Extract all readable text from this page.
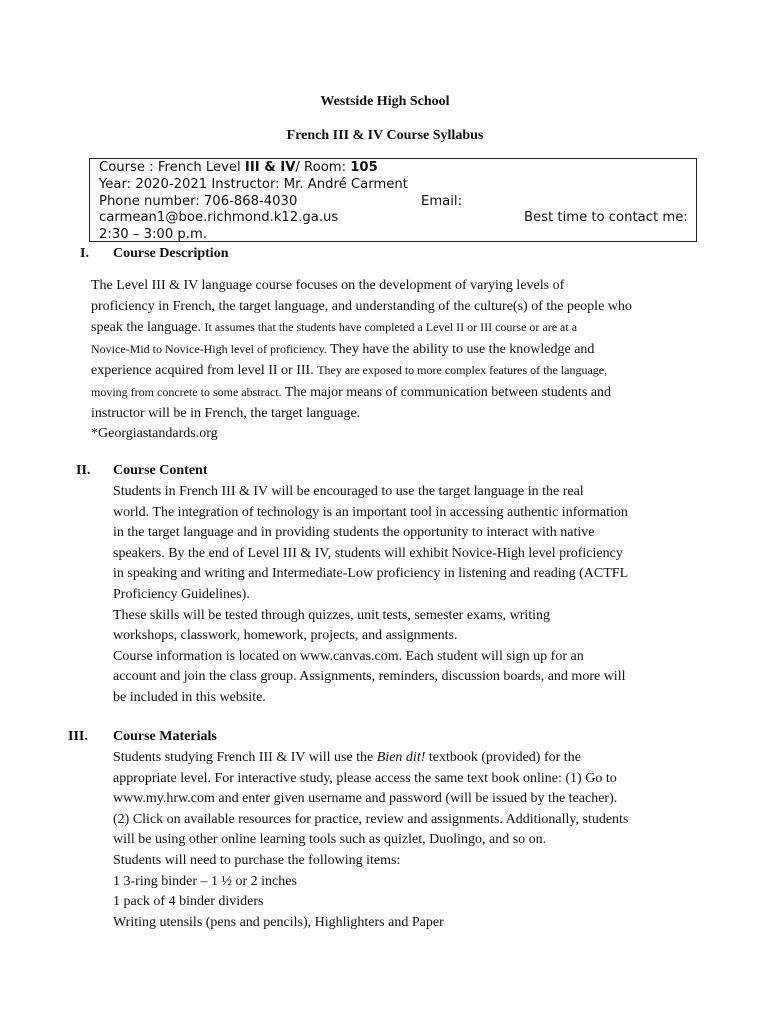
Westside High School
French III & IV Course Syllabus
Course : French Level III & IV/ Room: 105
Year: 2020-2021 Instructor: Mr. André Carment
Phone number: 706-868-4030	Email:
carmean1@boe.richmond.k12.ga.us	Best time to contact me:
2:30 – 3:00 p.m.
I. Course Description
The Level III & IV language course focuses on the development of varying levels of
proficiency in French, the target language, and understanding of the culture(s) of the people who
speak the language. It assumes that the students have completed a Level II or III course or are at a
Novice-Mid to Novice-High level of proficiency. They have the ability to use the knowledge and
experience acquired from level II or III. They are exposed to more complex features of the language,
moving from concrete to some abstract. The major means of communication between students and
instructor will be in French, the target language.
*Georgiastandards.org
II. Course Content
Students in French III & IV will be encouraged to use the target language in the real
world. The integration of technology is an important tool in accessing authentic information
in the target language and in providing students the opportunity to interact with native
speakers. By the end of Level III & IV, students will exhibit Novice-High level proficiency
in speaking and writing and Intermediate-Low proficiency in listening and reading (ACTFL
Proficiency Guidelines).
These skills will be tested through quizzes, unit tests, semester exams, writing
workshops, classwork, homework, projects, and assignments.
Course information is located on www.canvas.com. Each student will sign up for an
account and join the class group. Assignments, reminders, discussion boards, and more will
be included in this website.
III. Course Materials
Students studying French III & IV will use the Bien dit! textbook (provided) for the
appropriate level. For interactive study, please access the same text book online: (1) Go to
www.my.hrw.com and enter given username and password (will be issued by the teacher).
(2) Click on available resources for practice, review and assignments. Additionally, students
will be using other online learning tools such as quizlet, Duolingo, and so on.
Students will need to purchase the following items:
1 3-ring binder – 1 ½ or 2 inches
1 pack of 4 binder dividers
Writing utensils (pens and pencils), Highlighters and Paper
